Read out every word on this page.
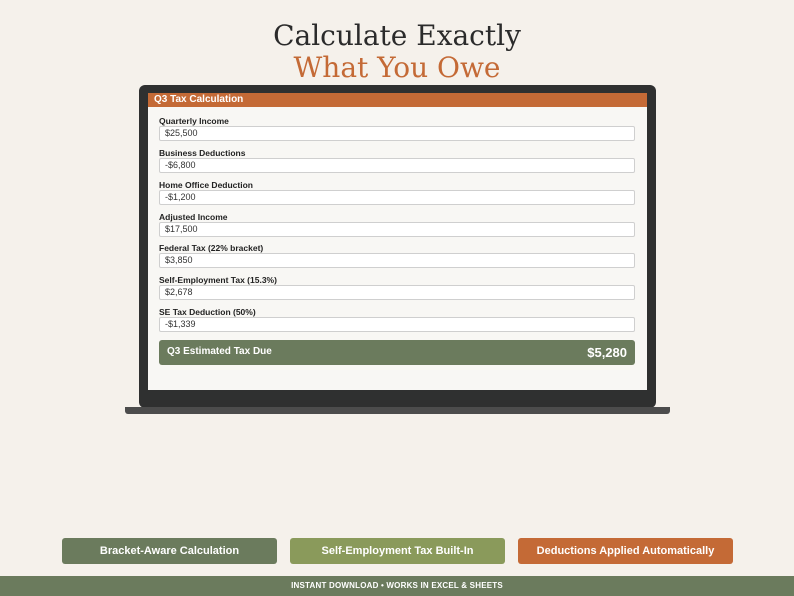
Calculate Exactly
What You Owe
Q3 Tax Calculation
Quarterly Income
$25,500
Business Deductions
-$6,800
Home Office Deduction
-$1,200
Adjusted Income
$17,500
Federal Tax (22% bracket)
$3,850
Self-Employment Tax (15.3%)
$2,678
SE Tax Deduction (50%)
-$1,339
Q3 Estimated Tax Due	$5,280
Bracket-Aware Calculation	Self-Employment Tax Built-In	Deductions Applied Automatically
INSTANT DOWNLOAD • WORKS IN EXCEL & SHEETS
